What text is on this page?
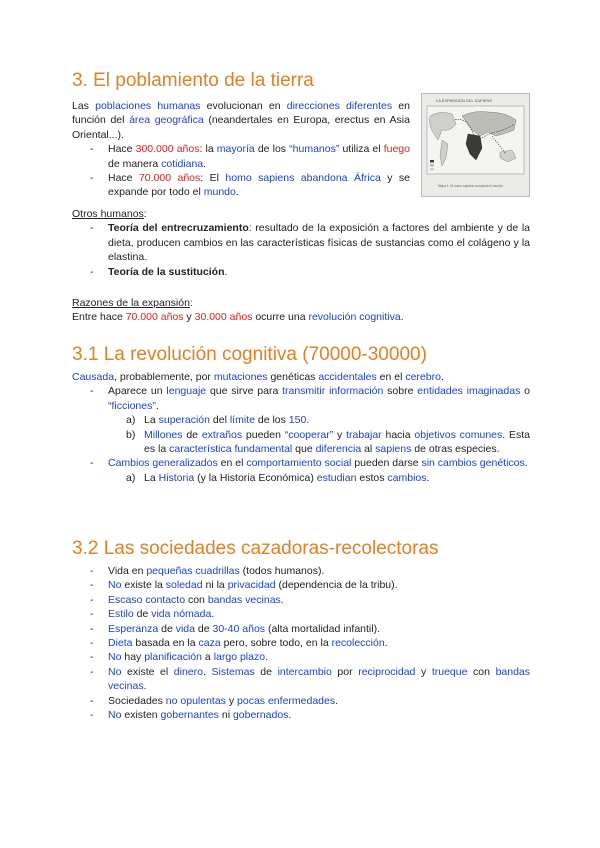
3. El poblamiento de la tierra
Las poblaciones humanas evolucionan en direcciones diferentes en función del área geográfica (neandertales en Europa, erectus en Asia Oriental...).
- Hace 300.000 años: la mayoría de los “humanos” utiliza el fuego de manera cotidiana.
- Hace 70.000 años: El homo sapiens abandona África y se expande por todo el mundo.
Otros humanos:
- Teoría del entrecruzamiento: resultado de la exposición a factores del ambiente y de la dieta, producen cambios en las características físicas de sustancias como el colágeno y la elastina.
- Teoría de la sustitución.
Razones de la expansión:
Entre hace 70.000 años y 30.000 años ocurre una revolución cognitiva.
3.1 La revolución cognitiva (70000-30000)
Causada, probablemente, por mutaciones genéticas accidentales en el cerebro.
- Aparece un lenguaje que sirve para transmitir información sobre entidades imaginadas o “ficciones”.
a) La superación del límite de los 150.
b) Millones de extraños pueden “cooperar” y trabajar hacia objetivos comunes. Esta es la característica fundamental que diferencia al sapiens de otras especies.
- Cambios generalizados en el comportamiento social pueden darse sin cambios genéticos.
a) La Historia (y la Historia Económica) estudian estos cambios.
3.2 Las sociedades cazadoras-recolectoras
- Vida en pequeñas cuadrillas (todos humanos).
- No existe la soledad ni la privacidad (dependencia de la tribu).
- Escaso contacto con bandas vecinas.
- Estilo de vida nómada.
- Esperanza de vida de 30-40 años (alta mortalidad infantil).
- Dieta basada en la caza pero, sobre todo, en la recolección.
- No hay planificación a largo plazo.
- No existe el dinero. Sistemas de intercambio por reciprocidad y trueque con bandas vecinas.
- Sociedades no opulentas y pocas enfermedades.
- No existen gobernantes ni gobernados.
LA EXPANSIÓN DEL SAPIENS
Mapa 1. El homo sapiens conquista el mundo.
